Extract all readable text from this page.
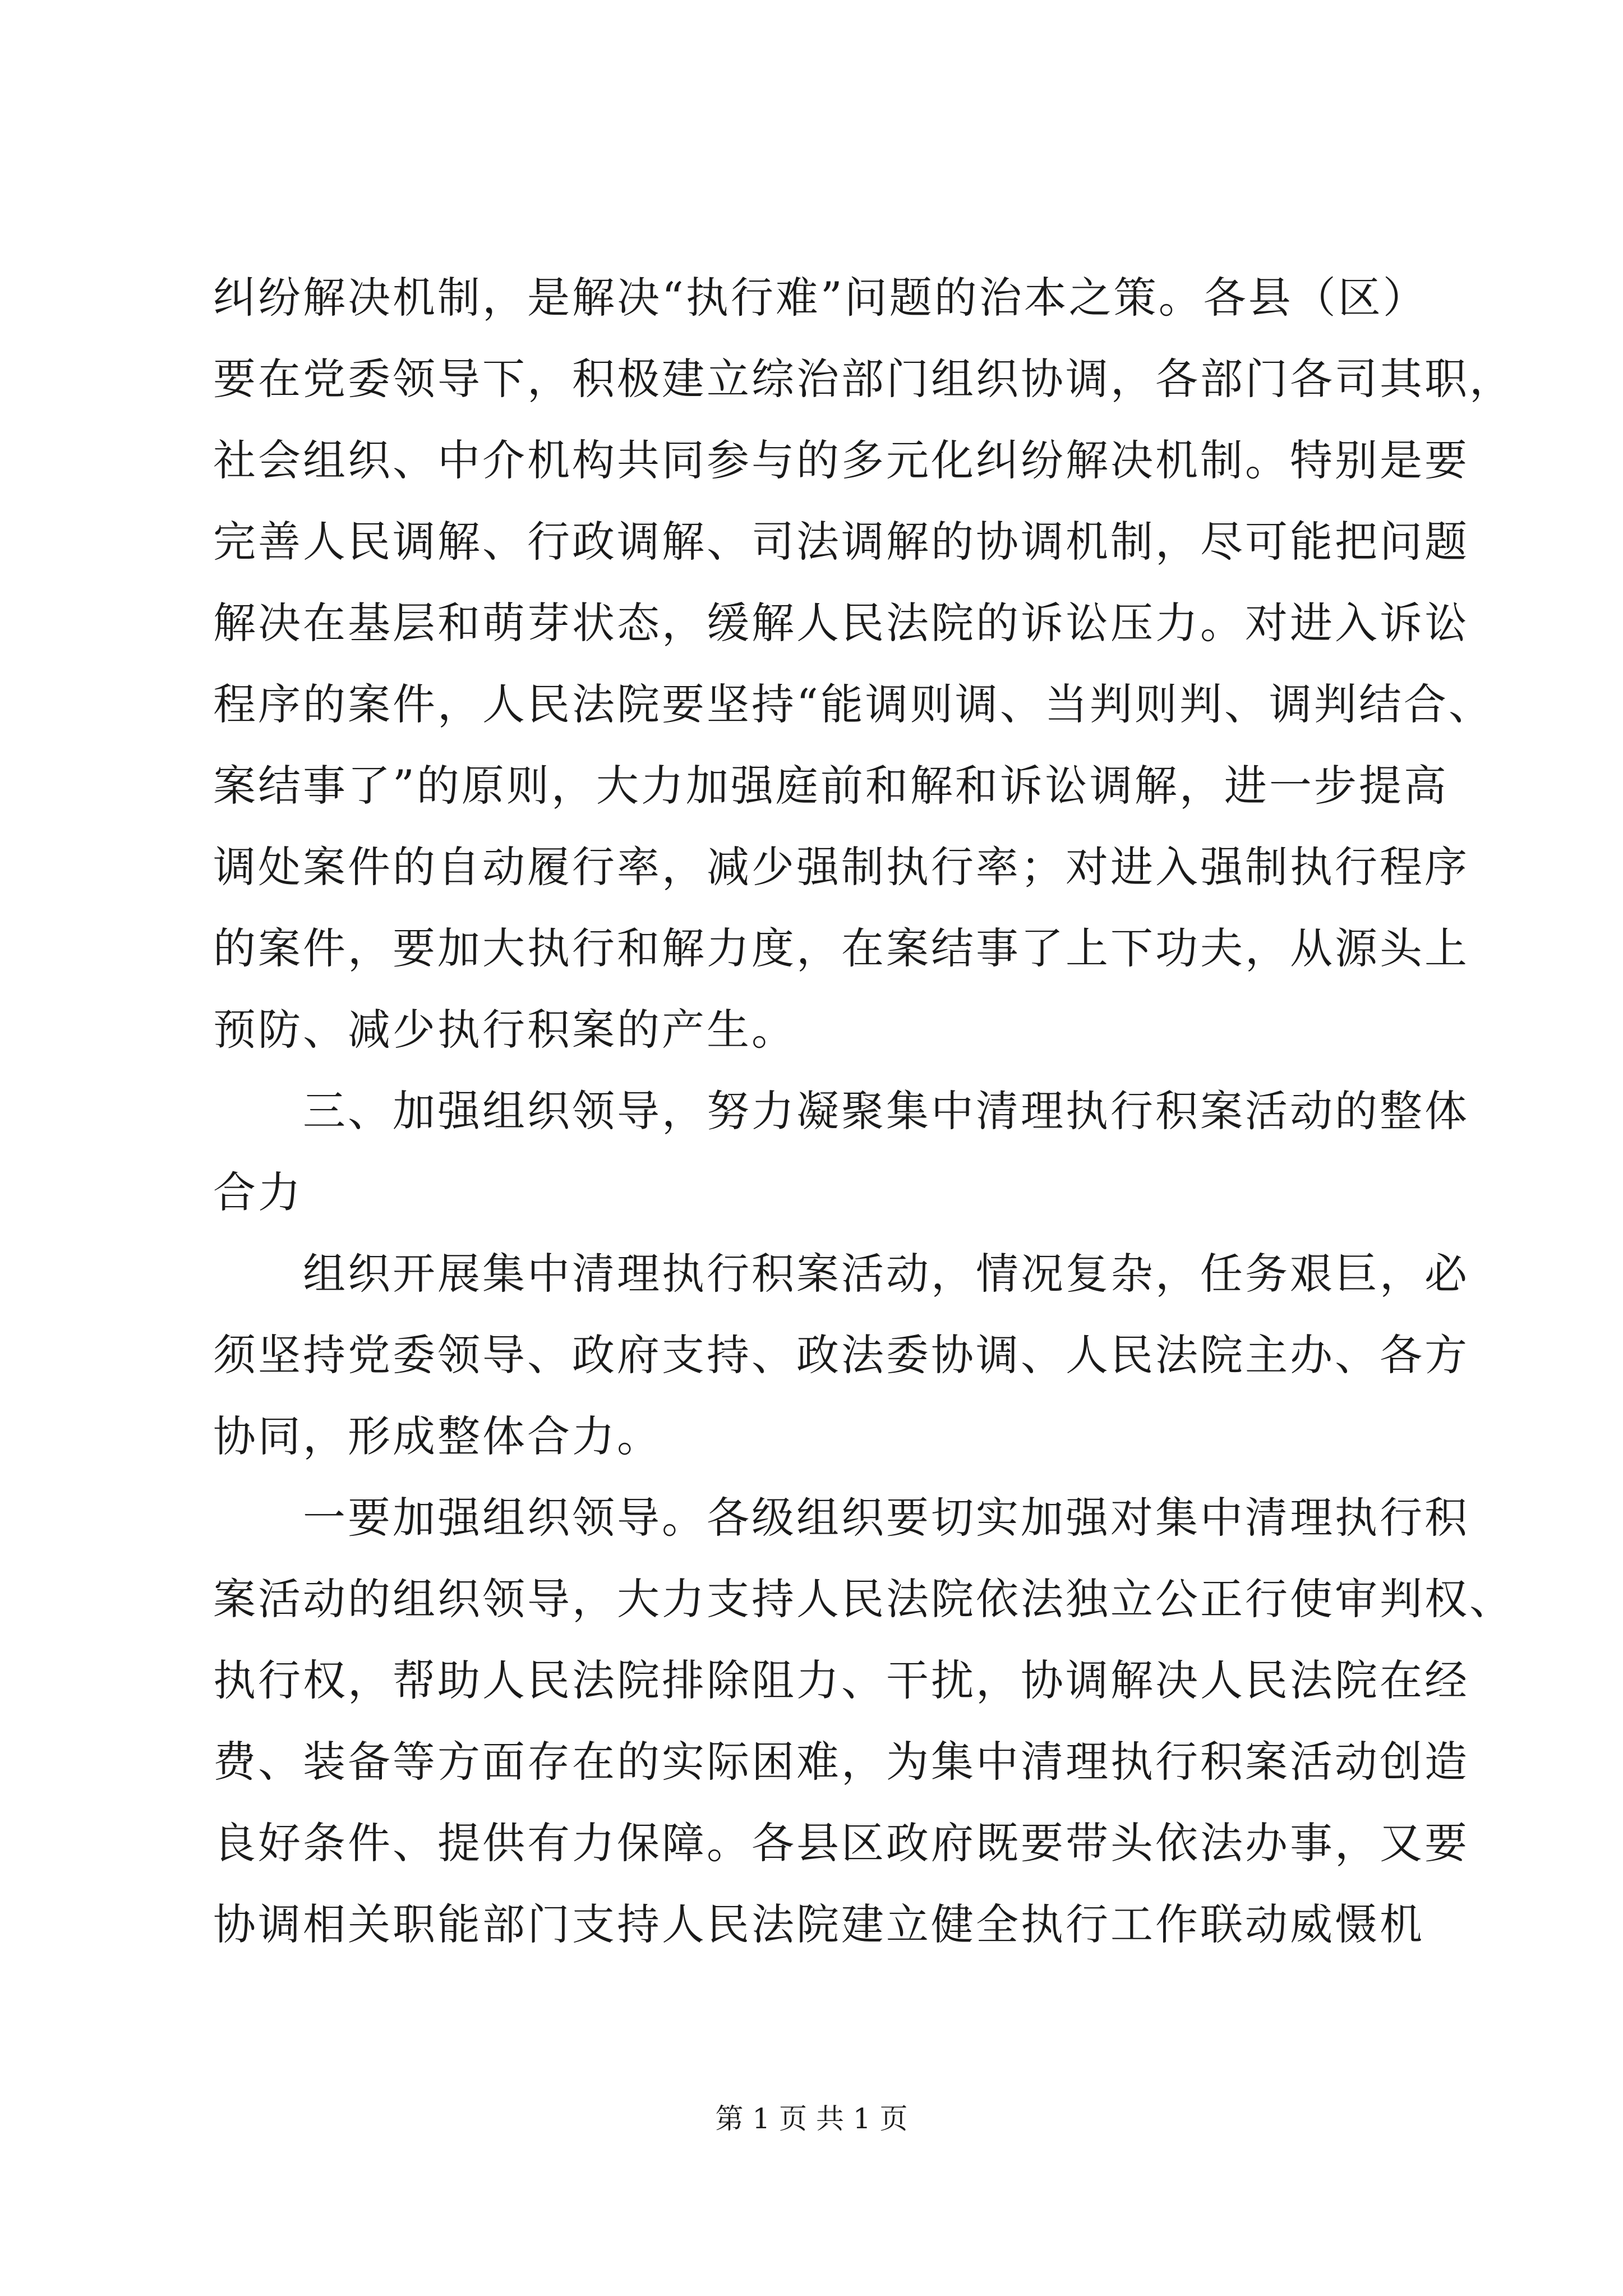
纠纷解决机制，是解决“执行难”问题的治本之策。各县（区）
要在党委领导下，积极建立综治部门组织协调，各部门各司其职，
社会组织、中介机构共同参与的多元化纠纷解决机制。特别是要
完善人民调解、行政调解、司法调解的协调机制，尽可能把问题
解决在基层和萌芽状态，缓解人民法院的诉讼压力。对进入诉讼
程序的案件，人民法院要坚持“能调则调、当判则判、调判结合、
案结事了”的原则，大力加强庭前和解和诉讼调解，进一步提高
调处案件的自动履行率，减少强制执行率；对进入强制执行程序
的案件，要加大执行和解力度，在案结事了上下功夫，从源头上
预防、减少执行积案的产生。
　　三、加强组织领导，努力凝聚集中清理执行积案活动的整体
合力
　　组织开展集中清理执行积案活动，情况复杂，任务艰巨，必
须坚持党委领导、政府支持、政法委协调、人民法院主办、各方
协同，形成整体合力。
　　一要加强组织领导。各级组织要切实加强对集中清理执行积
案活动的组织领导，大力支持人民法院依法独立公正行使审判权、
执行权，帮助人民法院排除阻力、干扰，协调解决人民法院在经
费、装备等方面存在的实际困难，为集中清理执行积案活动创造
良好条件、提供有力保障。各县区政府既要带头依法办事，又要
协调相关职能部门支持人民法院建立健全执行工作联动威慑机
第 1 页 共 1 页
